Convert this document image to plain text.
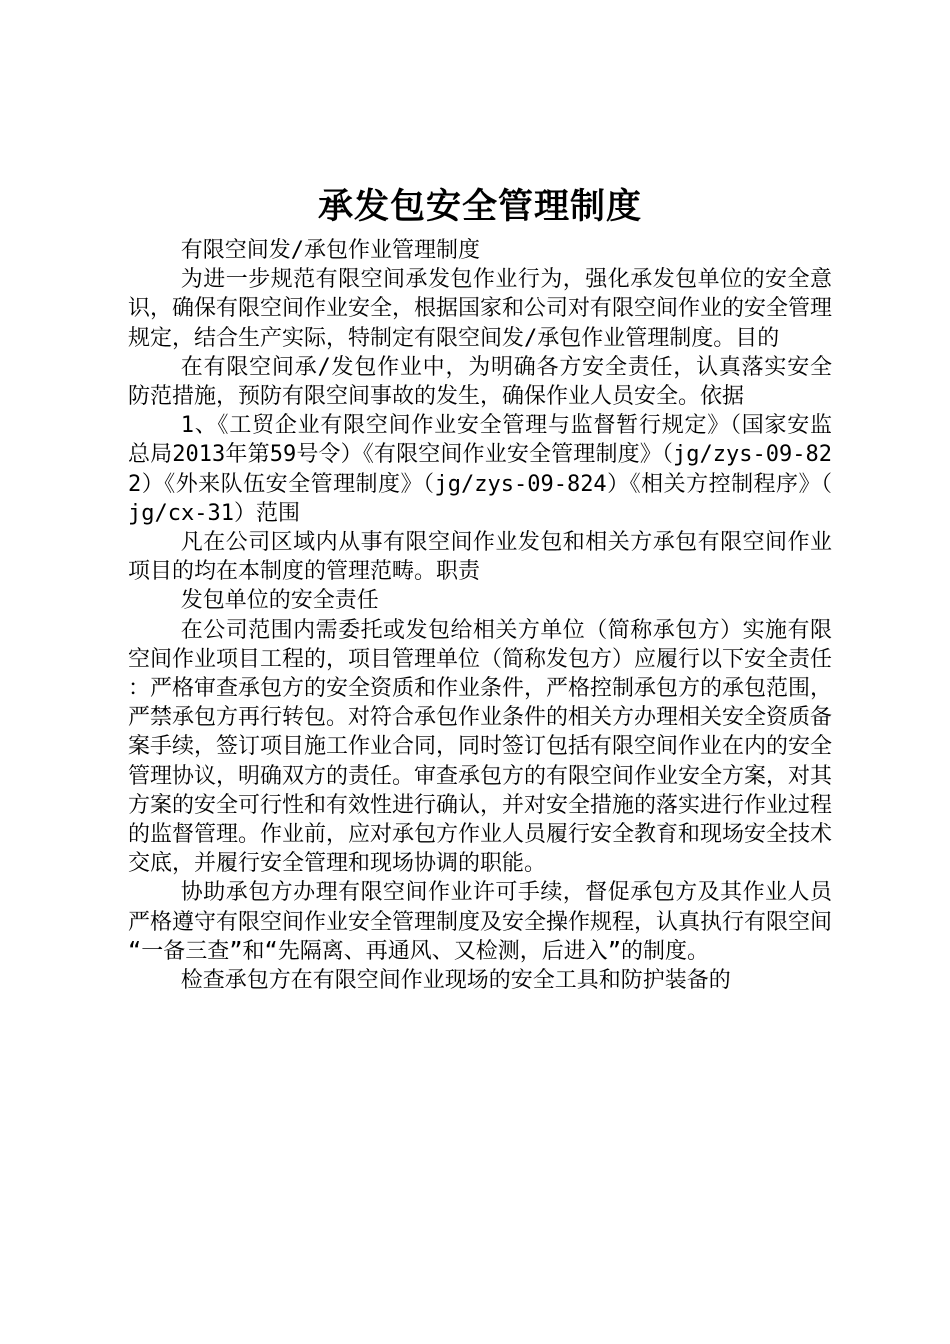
承发包安全管理制度

有限空间发/承包作业管理制度

为进一步规范有限空间承发包作业行为，强化承发包单位的安全意识，确保有限空间作业安全，根据国家和公司对有限空间作业的安全管理规定，结合生产实际，特制定有限空间发/承包作业管理制度。目的

在有限空间承/发包作业中，为明确各方安全责任，认真落实安全防范措施，预防有限空间事故的发生，确保作业人员安全。依据

1、《工贸企业有限空间作业安全管理与监督暂行规定》（国家安监总局2013年第59号令）《有限空间作业安全管理制度》（jg/zys-09-822）《外来队伍安全管理制度》（jg/zys-09-824）《相关方控制程序》（jg/cx-31）范围

凡在公司区域内从事有限空间作业发包和相关方承包有限空间作业项目的均在本制度的管理范畴。职责

发包单位的安全责任

在公司范围内需委托或发包给相关方单位（简称承包方）实施有限空间作业项目工程的，项目管理单位（简称发包方）应履行以下安全责任：严格审查承包方的安全资质和作业条件，严格控制承包方的承包范围，严禁承包方再行转包。对符合承包作业条件的相关方办理相关安全资质备案手续，签订项目施工作业合同，同时签订包括有限空间作业在内的安全管理协议，明确双方的责任。审查承包方的有限空间作业安全方案，对其方案的安全可行性和有效性进行确认，并对安全措施的落实进行作业过程的监督管理。作业前，应对承包方作业人员履行安全教育和现场安全技术交底，并履行安全管理和现场协调的职能。

协助承包方办理有限空间作业许可手续，督促承包方及其作业人员严格遵守有限空间作业安全管理制度及安全操作规程，认真执行有限空间“一备三查”和“先隔离、再通风、又检测，后进入”的制度。

检查承包方在有限空间作业现场的安全工具和防护装备的
